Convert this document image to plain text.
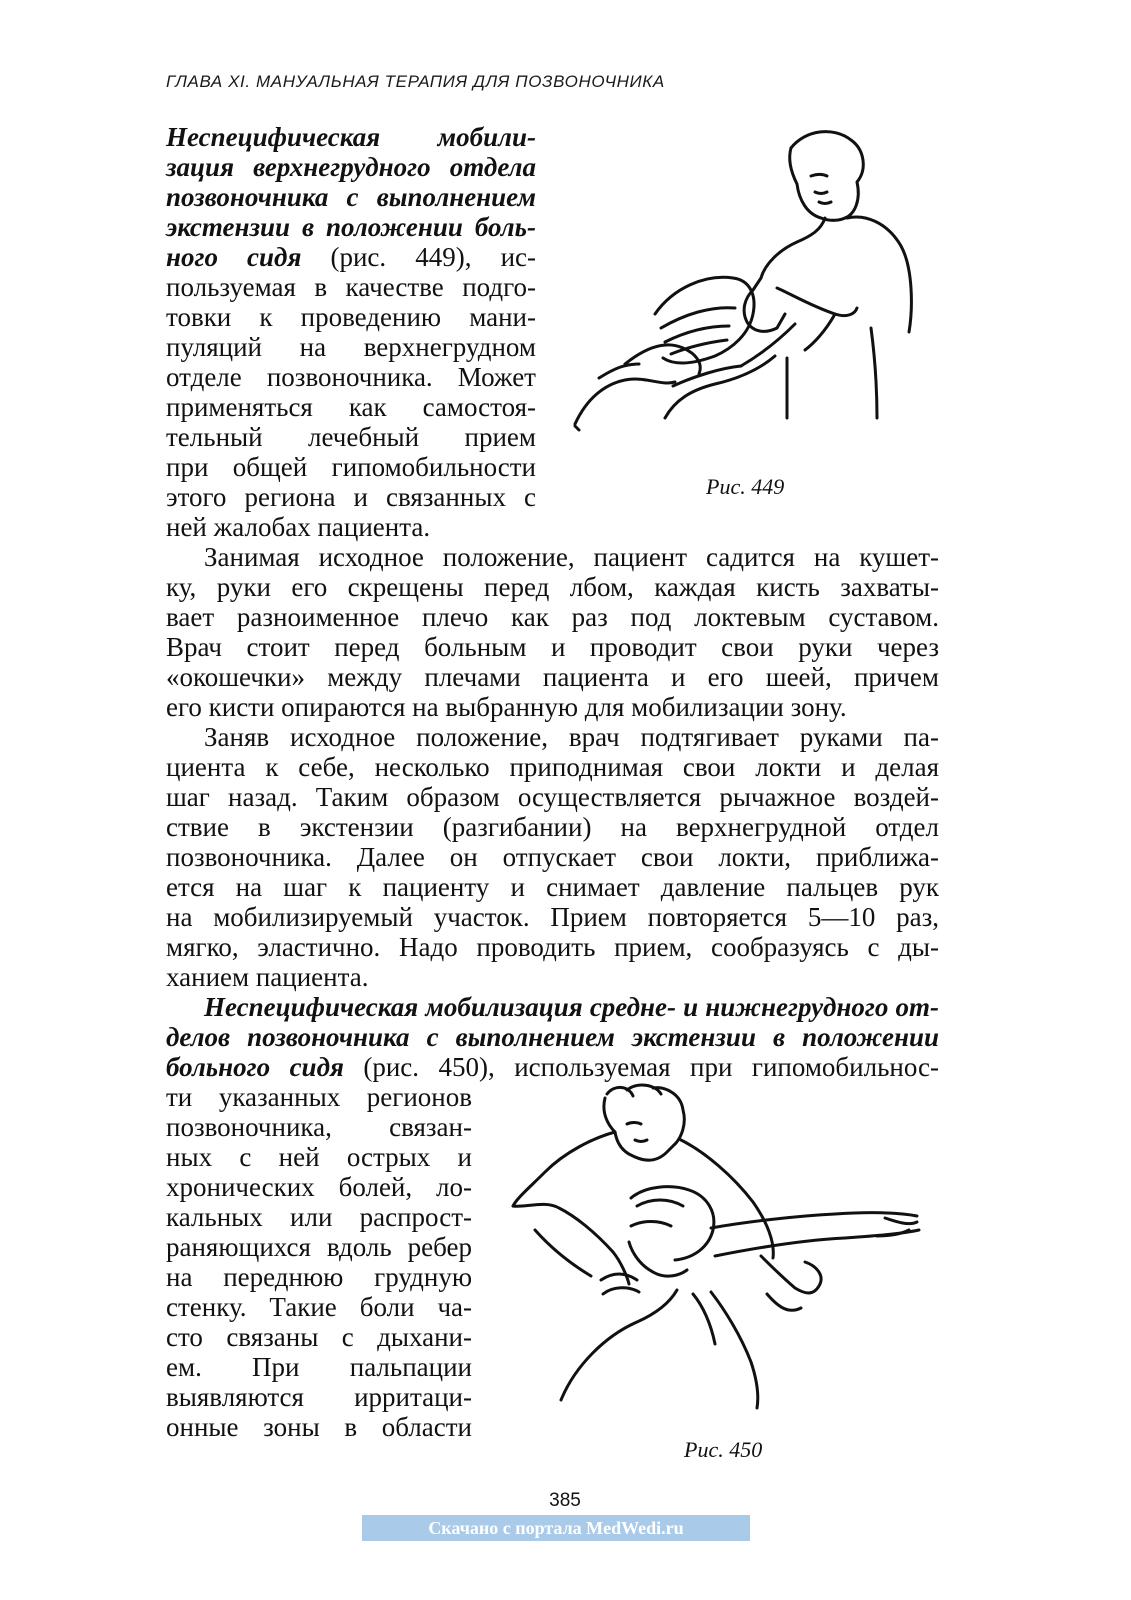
ГЛАВА XI. МАНУАЛЬНАЯ ТЕРАПИЯ ДЛЯ ПОЗВОНОЧНИКА
Неспецифическая мобили-
зация верхнегрудного отдела
позвоночника с выполнением
экстензии в положении боль-
ного сидя (рис. 449), ис-
пользуемая в качестве подго-
товки к проведению мани-
пуляций на верхнегрудном
отделе позвоночника. Может
применяться как самостоя-
тельный лечебный прием
при общей гипомобильности
этого региона и связанных с
ней жалобах пациента.
Рис. 449
Занимая исходное положение, пациент садится на кушет-
ку, руки его скрещены перед лбом, каждая кисть захваты-
вает разноименное плечо как раз под локтевым суставом.
Врач стоит перед больным и проводит свои руки через
«окошечки» между плечами пациента и его шеей, причем
его кисти опираются на выбранную для мобилизации зону.
Заняв исходное положение, врач подтягивает руками па-
циента к себе, несколько приподнимая свои локти и делая
шаг назад. Таким образом осуществляется рычажное воздей-
ствие в экстензии (разгибании) на верхнегрудной отдел
позвоночника. Далее он отпускает свои локти, приближа-
ется на шаг к пациенту и снимает давление пальцев рук
на мобилизируемый участок. Прием повторяется 5—10 раз,
мягко, эластично. Надо проводить прием, сообразуясь с ды-
ханием пациента.
Неспецифическая мобилизация средне- и нижнегрудного от-
делов позвоночника с выполнением экстензии в положении
больного сидя (рис. 450), используемая при гипомобильнос-
ти указанных регионов
позвоночника, связан-
ных с ней острых и
хронических болей, ло-
кальных или распрост-
раняющихся вдоль ребер
на переднюю грудную
стенку. Такие боли ча-
сто связаны с дыхани-
ем. При пальпации
выявляются ирритаци-
онные зоны в области
Рис. 450
385
Скачано с портала MedWedi.ru
